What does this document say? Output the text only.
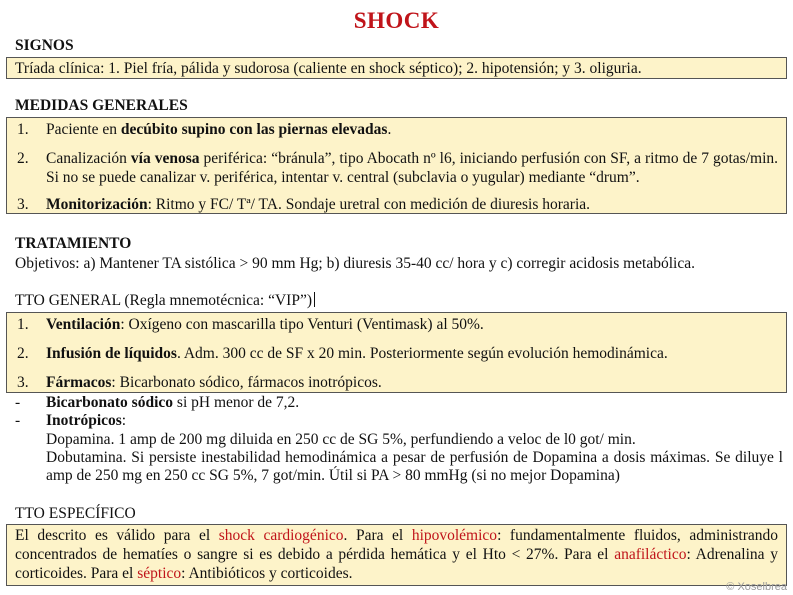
SHOCK
SIGNOS
Tríada clínica: 1. Piel fría, pálida y sudorosa (caliente en shock séptico); 2. hipotensión; y 3. oliguria.
MEDIDAS GENERALES
1. Paciente en decúbito supino con las piernas elevadas.
2. Canalización vía venosa periférica: “bránula”, tipo Abocath nº l6, iniciando perfusión con SF, a ritmo de 7 gotas/min. Si no se puede canalizar v. periférica, intentar v. central (subclavia o yugular) mediante “drum”.
3. Monitorización: Ritmo y FC/ Tª/ TA. Sondaje uretral con medición de diuresis horaria.
TRATAMIENTO
Objetivos: a) Mantener TA sistólica > 90 mm Hg; b) diuresis 35-40 cc/ hora y c) corregir acidosis metabólica.
TTO GENERAL (Regla mnemotécnica: “VIP”)
1. Ventilación: Oxígeno con mascarilla tipo Venturi (Ventimask) al 50%.
2. Infusión de líquidos. Adm. 300 cc de SF x 20 min. Posteriormente según evolución hemodinámica.
3. Fármacos: Bicarbonato sódico, fármacos inotrópicos.
- Bicarbonato sódico si pH menor de 7,2.
- Inotrópicos:
Dopamina. 1 amp de 200 mg diluida en 250 cc de SG 5%, perfundiendo a veloc de l0 got/ min.
Dobutamina. Si persiste inestabilidad hemodinámica a pesar de perfusión de Dopamina a dosis máximas. Se diluye l amp de 250 mg en 250 cc SG 5%, 7 got/min. Útil si PA > 80 mmHg (si no mejor Dopamina)
TTO ESPECÍFICO
El descrito es válido para el shock cardiogénico. Para el hipovolémico: fundamentalmente fluidos, administrando concentrados de hematíes o sangre si es debido a pérdida hemática y el Hto < 27%. Para el anafiláctico: Adrenalina y corticoides. Para el séptico: Antibióticos y corticoides.
© Xoselbrea
